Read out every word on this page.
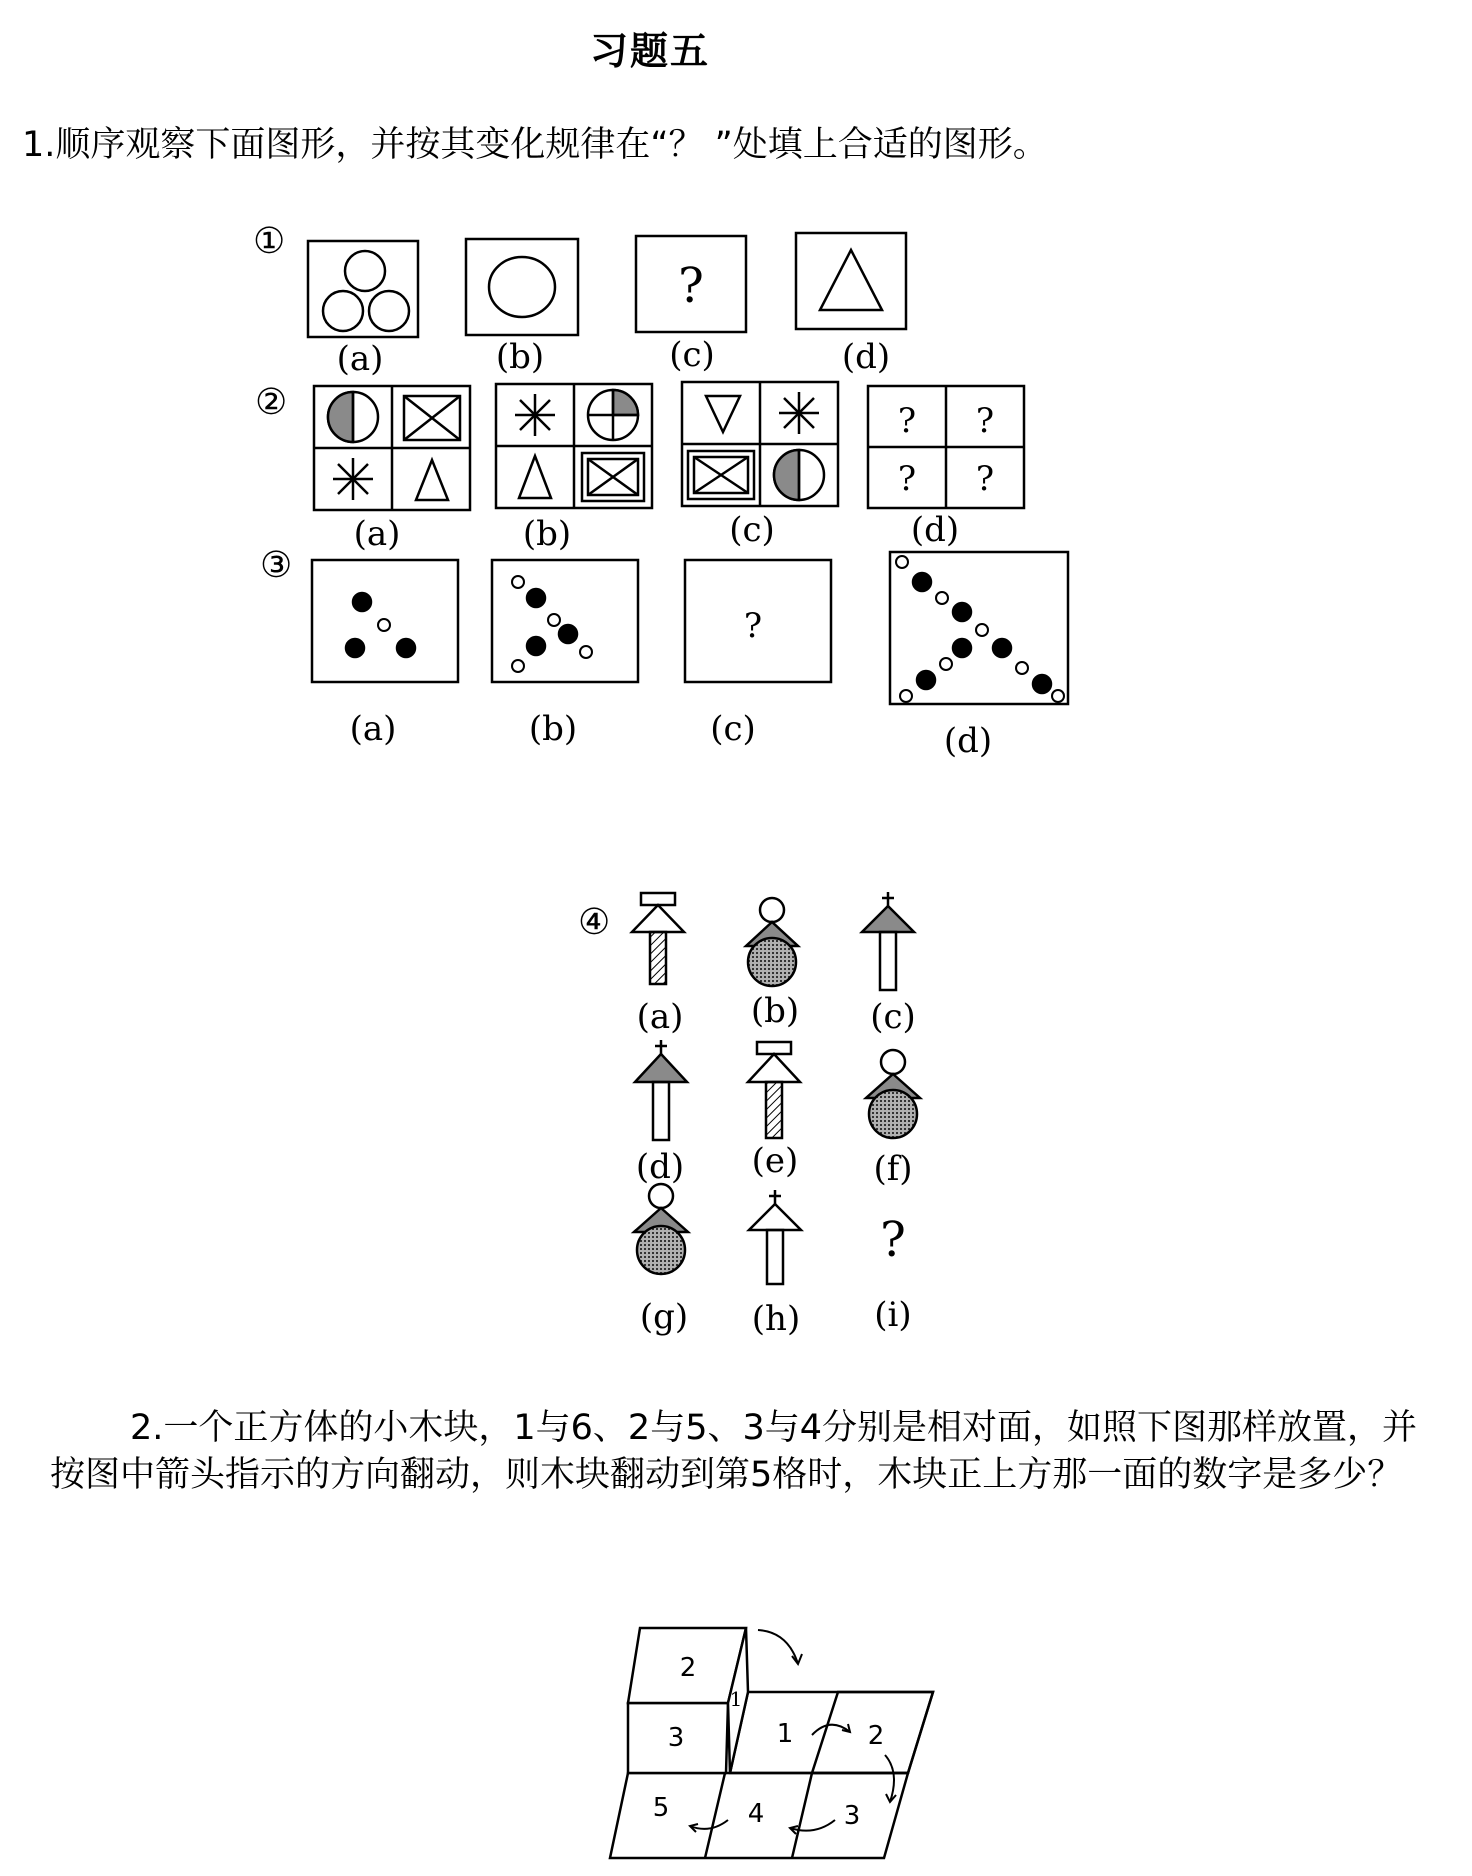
习题五
1.顺序观察下面图形，并按其变化规律在“？ ”处填上合适的图形。
2.一个正方体的小木块，1与6、2与5、3与4分别是相对面，如照下图那样放置，并按图中箭头指示的方向翻动，则木块翻动到第5格时，木块正上方那一面的数字是多少？
①
?
(a)	(b)	(c)	(d)
②	? ?
? ?
(a)	(b)	(c)	(d)
③
?
(a)	(b)	(c)	(d)
④
?
(a) (b) (c)
(d) (e) (f)
(g) (h) (i)
2
3
1
1	2
3
4
5
